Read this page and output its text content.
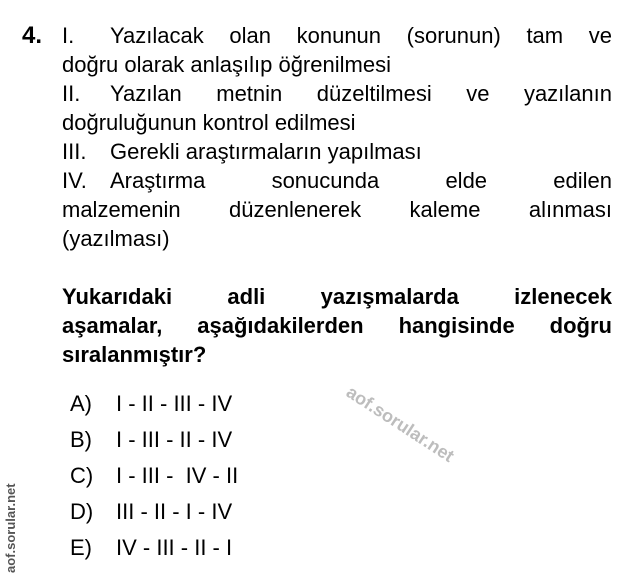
4. I. Yazılacak olan konunun (sorunun) tam ve
doğru olarak anlaşılıp öğrenilmesi
II. Yazılan metnin düzeltilmesi ve yazılanın
doğruluğunun kontrol edilmesi
III. Gerekli araştırmaların yapılması
IV. Araştırma sonucunda elde edilen
malzemenin düzenlenerek kaleme alınması
(yazılması)
Yukarıdaki adli yazışmalarda izlenecek
aşamalar, aşağıdakilerden hangisinde doğru
sıralanmıştır?
A) I - II - III - IV
B) I - III - II - IV
C) I - III -  IV - II
D) III - II - I - IV
E) IV - III - II - I
aof.sorular.net
aof.sorular.net
